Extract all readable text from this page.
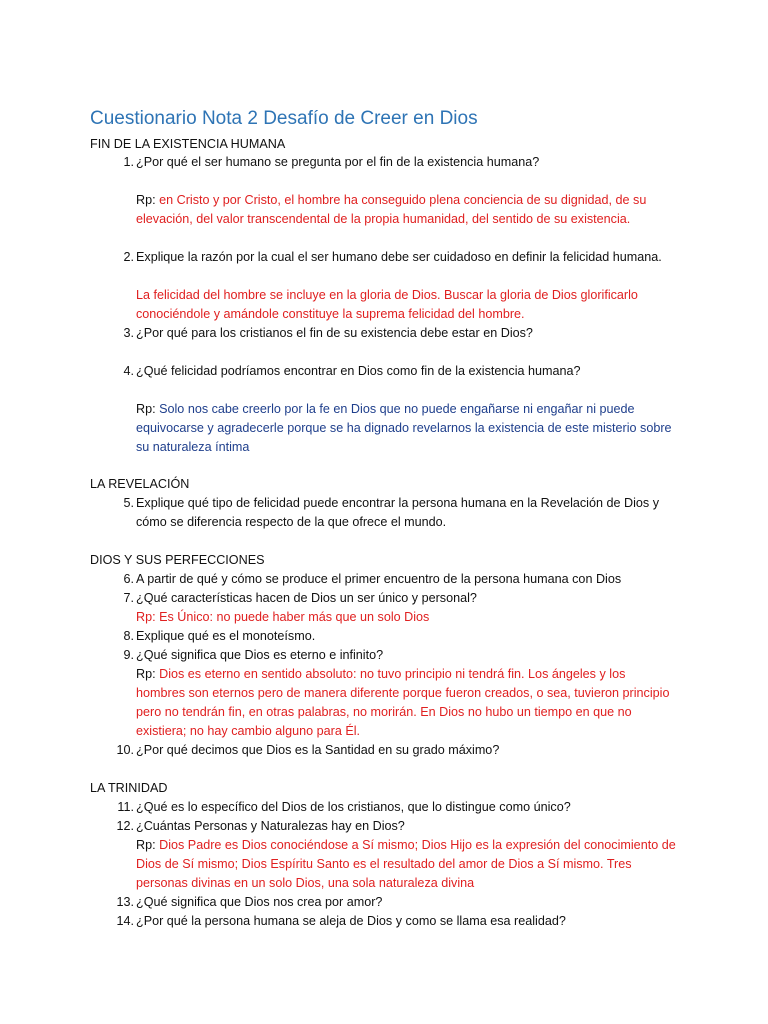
Cuestionario Nota 2 Desafío de Creer en Dios
FIN DE LA EXISTENCIA HUMANA
1. ¿Por qué el ser humano se pregunta por el fin de la existencia humana?
Rp: en Cristo y por Cristo, el hombre ha conseguido plena conciencia de su dignidad, de su elevación, del valor transcendental de la propia humanidad, del sentido de su existencia.
2. Explique la razón por la cual el ser humano debe ser cuidadoso en definir la felicidad humana.
La felicidad del hombre se incluye en la gloria de Dios. Buscar la gloria de Dios glorificarlo conociéndole y amándole constituye la suprema felicidad del hombre.
3. ¿Por qué para los cristianos el fin de su existencia debe estar en Dios?
4. ¿Qué felicidad podríamos encontrar en Dios como fin de la existencia humana?
Rp: Solo nos cabe creerlo por la fe en Dios que no puede engañarse ni engañar ni puede equivocarse y agradecerle porque se ha dignado revelarnos la existencia de este misterio sobre su naturaleza íntima
LA REVELACIÓN
5. Explique qué tipo de felicidad puede encontrar la persona humana en la Revelación de Dios y cómo se diferencia respecto de la que ofrece el mundo.
DIOS Y SUS PERFECCIONES
6. A partir de qué y cómo se produce el primer encuentro de la persona humana con Dios
7. ¿Qué características hacen de Dios un ser único y personal?
Rp: Es Único: no puede haber más que un solo Dios
8. Explique qué es el monoteísmo.
9. ¿Qué significa que Dios es eterno e infinito?
Rp: Dios es eterno en sentido absoluto: no tuvo principio ni tendrá fin. Los ángeles y los hombres son eternos pero de manera diferente porque fueron creados, o sea, tuvieron principio pero no tendrán fin, en otras palabras, no morirán. En Dios no hubo un tiempo en que no existiera; no hay cambio alguno para Él.
10. ¿Por qué decimos que Dios es la Santidad en su grado máximo?
LA TRINIDAD
11. ¿Qué es lo específico del Dios de los cristianos, que lo distingue como único?
12. ¿Cuántas Personas y Naturalezas hay en Dios?
Rp: Dios Padre es Dios conociéndose a Sí mismo; Dios Hijo es la expresión del conocimiento de Dios de Sí mismo; Dios Espíritu Santo es el resultado del amor de Dios a Sí mismo. Tres personas divinas en un solo Dios, una sola naturaleza divina
13. ¿Qué significa que Dios nos crea por amor?
14. ¿Por qué la persona humana se aleja de Dios y como se llama esa realidad?
